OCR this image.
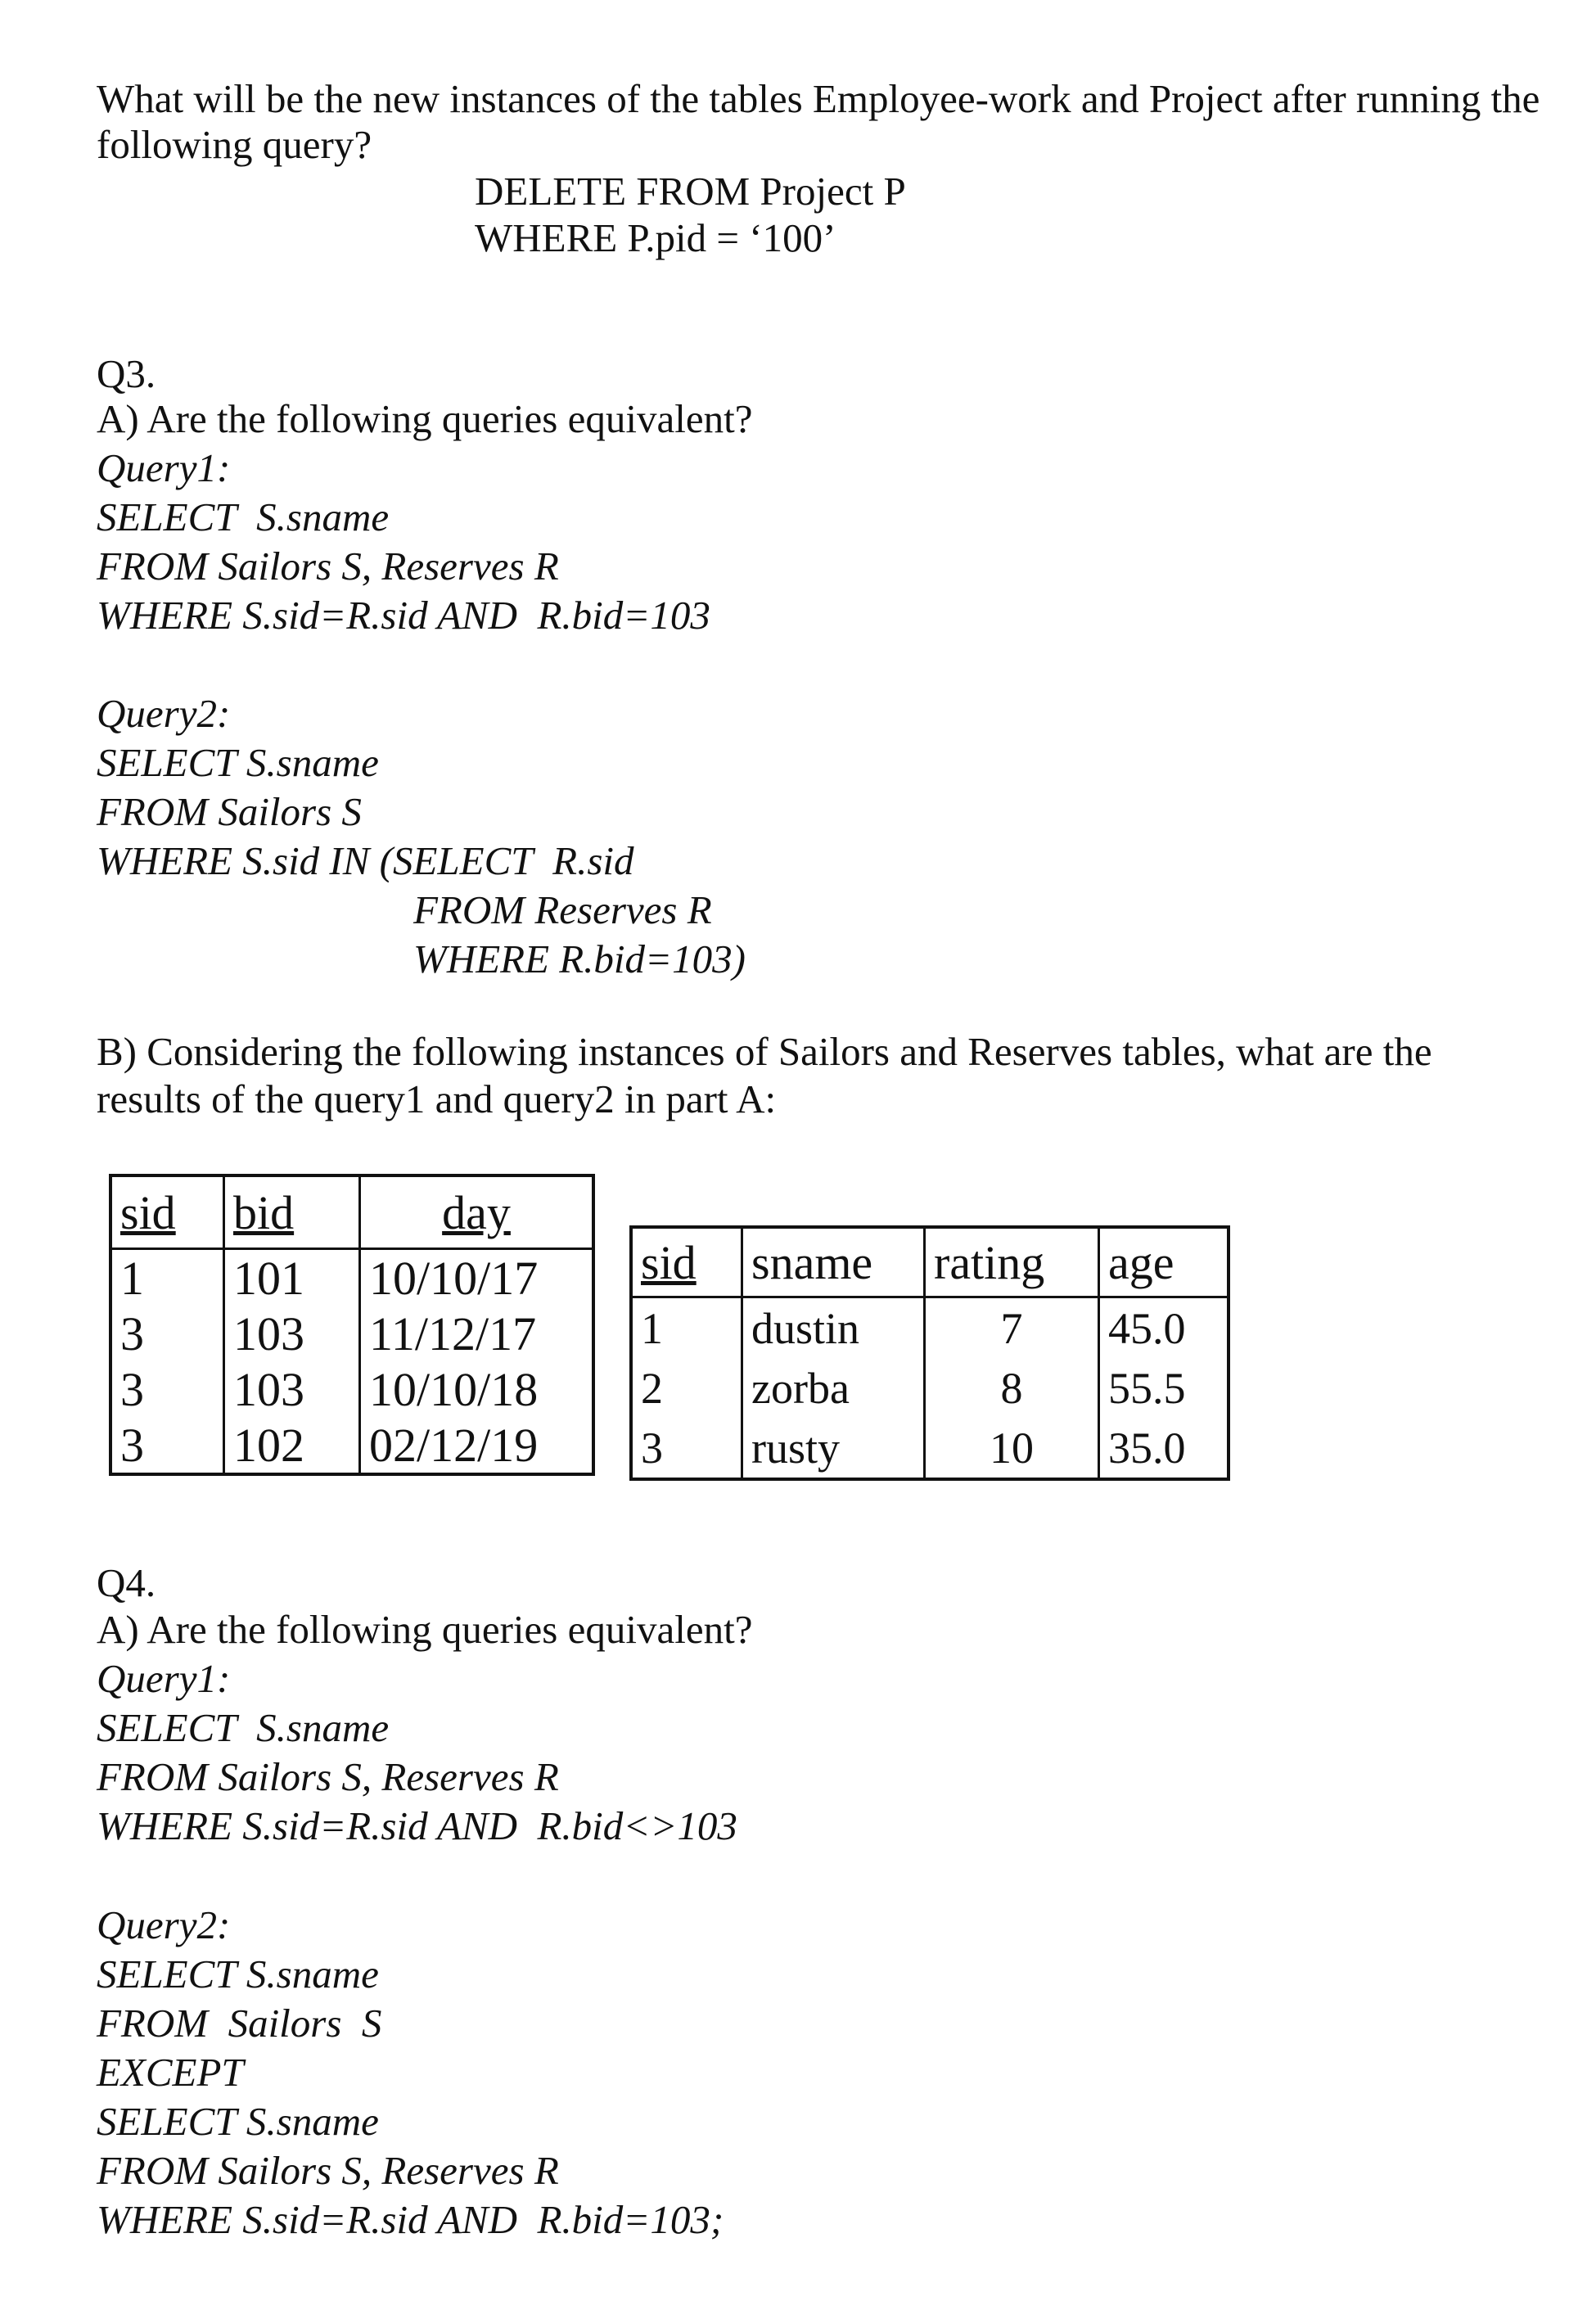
What will be the new instances of the tables Employee-work and Project after running the
following query?
DELETE FROM Project P
WHERE P.pid = ‘100’
Q3.
A) Are the following queries equivalent?
Query1:
SELECT  S.sname
FROM Sailors S, Reserves R
WHERE S.sid=R.sid AND  R.bid=103
Query2:
SELECT S.sname
FROM Sailors S
WHERE S.sid IN (SELECT  R.sid
FROM Reserves R
WHERE R.bid=103)
B) Considering the following instances of Sailors and Reserves tables, what are the
results of the query1 and query2 in part A:
sid	bid	day
1	101	10/10/17
3	103	11/12/17
3	103	10/10/18
3	102	02/12/19
sid	sname	rating	age
1	dustin	7	45.0
2	zorba	8	55.5
3	rusty	10	35.0
Q4.
A) Are the following queries equivalent?
Query1:
SELECT  S.sname
FROM Sailors S, Reserves R
WHERE S.sid=R.sid AND  R.bid<>103
Query2:
SELECT S.sname
FROM  Sailors  S
EXCEPT
SELECT S.sname
FROM Sailors S, Reserves R
WHERE S.sid=R.sid AND  R.bid=103;
